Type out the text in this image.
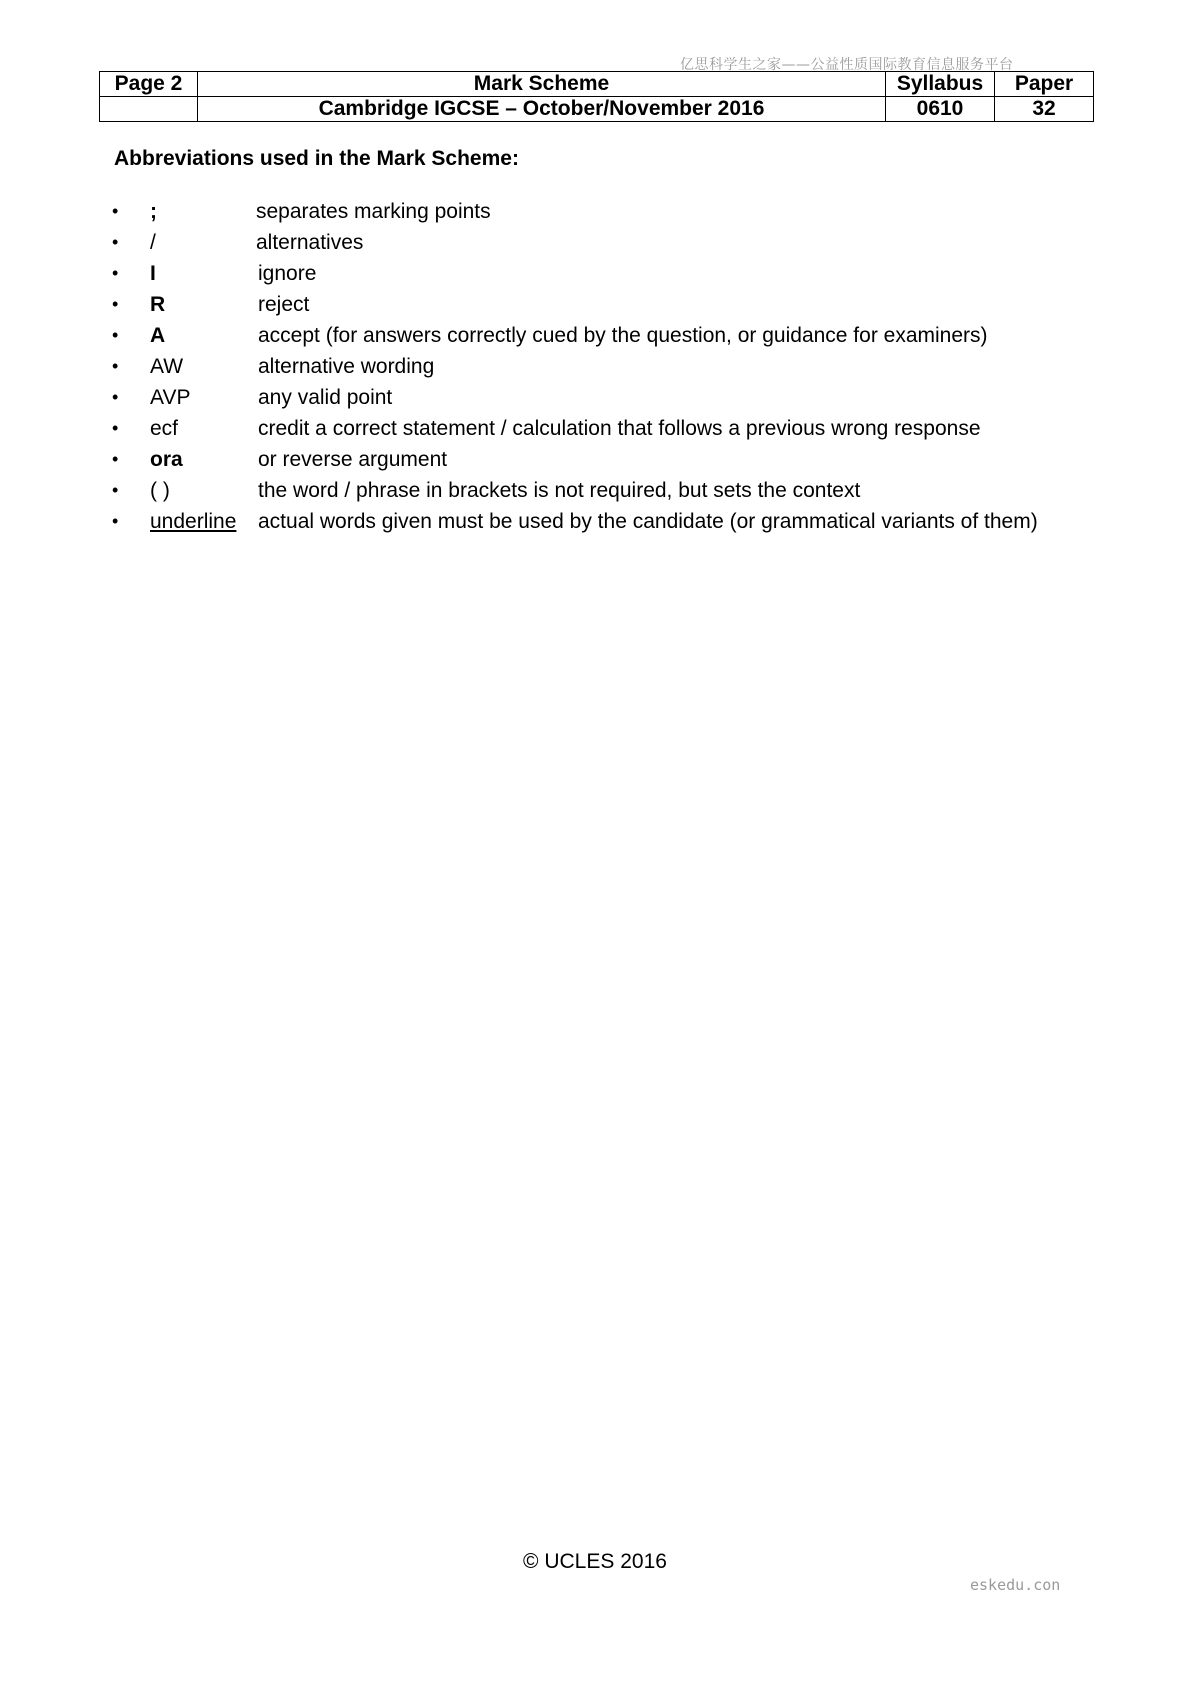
亿思科学生之家——公益性质国际教育信息服务平台
Page 2	Mark Scheme	Syllabus	Paper
	Cambridge IGCSE – October/November 2016	0610	32
Abbreviations used in the Mark Scheme:
• ;	separates marking points
• /	alternatives
• I	ignore
• R	reject
• A	accept (for answers correctly cued by the question, or guidance for examiners)
• AW	alternative wording
• AVP	any valid point
• ecf	credit a correct statement / calculation that follows a previous wrong response
• ora	or reverse argument
• ( )	the word / phrase in brackets is not required, but sets the context
• underline actual words given must be used by the candidate (or grammatical variants of them)
© UCLES 2016
eskedu.con
